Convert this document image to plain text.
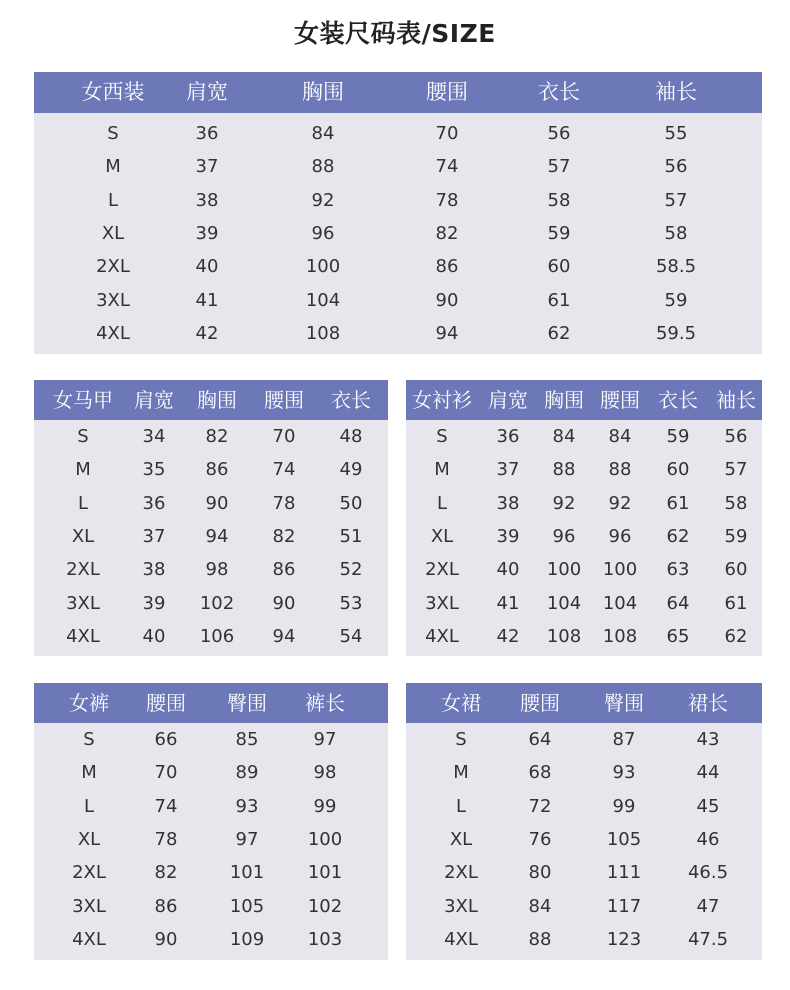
女装尺码表/SIZE
女西装 肩宽	胸围	腰围	衣长	袖长
S	36	84	70	56	55
M	37	88	74	57	56
L	38	92	78	58	57
XL	39	96	82	59	58
2XL	40	100	86	60	58.5
3XL	41	104	90	61	59
4XL	42	108	94	62	59.5
女马甲 肩宽 胸围 腰围 衣长
S	34 82 70 48
M	35 86 74 49
L	36 90 78 50
XL	37 94 82 51
2XL 38 98 86 52
3XL 39 102 90 53
4XL 40 106 94 54
女衬衫 肩宽 胸围 腰围 衣长 袖长
S	36 84 84 59 56
M	37 88 88 60 57
L	38 92 92 61 58
XL 39 96 96 62 59
2XL 40 100 100 63 60
3XL 41 104 104 64 61
4XL 42 108 108 65 62
女裤 腰围 臀围 裤长
S	66	85	97
M	70	89	98
L	74	93	99
XL	78	97	100
2XL	82	101 101
3XL	86	105 102
4XL	90	109 103
女裙 腰围 臀围 裙长
S	64	87	43
M	68	93	44
L	72	99	45
XL	76	105	46
2XL	80	111	46.5
3XL	84	117	47
4XL	88	123	47.5
